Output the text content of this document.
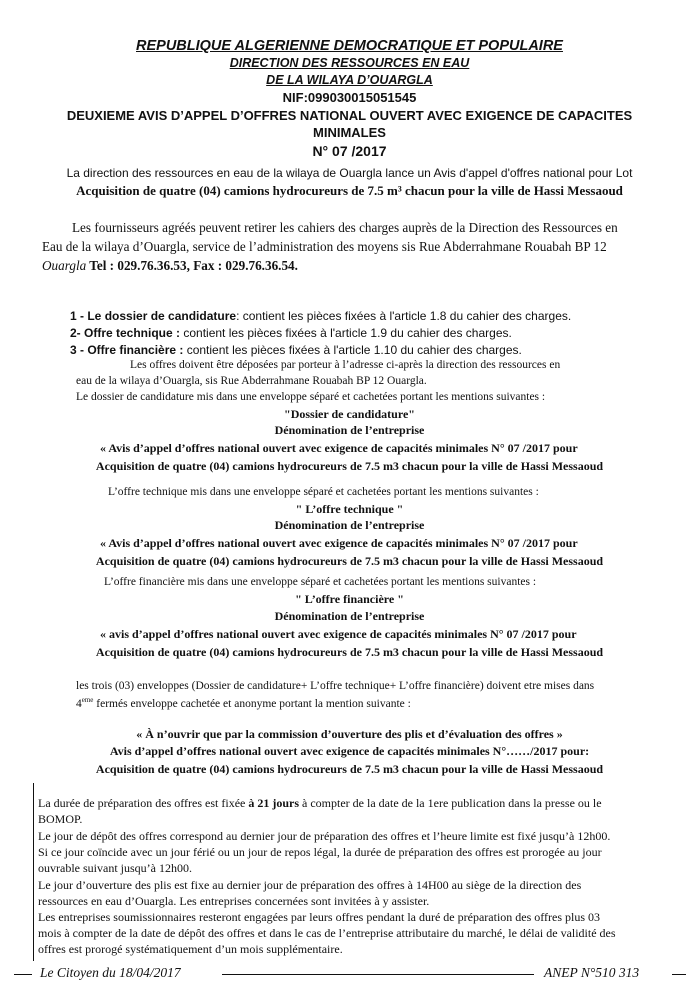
REPUBLIQUE ALGERIENNE DEMOCRATIQUE ET POPULAIRE
DIRECTION DES RESSOURCES EN EAU
DE LA WILAYA D’OUARGLA
NIF:099030015051545
DEUXIEME AVIS D’APPEL D’OFFRES NATIONAL OUVERT AVEC EXIGENCE DE CAPACITES
MINIMALES
N° 07 /2017
La direction des ressources en eau de la wilaya de Ouargla lance un Avis d'appel d'offres national pour Lot
Acquisition de quatre (04) camions hydrocureurs de 7.5 m³ chacun pour la ville de Hassi Messaoud
Les fournisseurs agréés peuvent retirer les cahiers des charges auprès de la Direction des Ressources en
Eau de la wilaya d’Ouargla, service de l’administration des moyens sis Rue Abderrahmane Rouabah BP 12
Ouargla Tel : 029.76.36.53, Fax : 029.76.36.54.
1 - Le dossier de candidature: contient les pièces fixées à l'article 1.8 du cahier des charges.
2- Offre technique : contient les pièces fixées à l'article 1.9 du cahier des charges.
3 - Offre financière : contient les pièces fixées à l'article 1.10 du cahier des charges.
Les offres doivent être déposées par porteur à l’adresse ci-après la direction des ressources en
eau de la wilaya d’Ouargla, sis Rue Abderrahmane Rouabah BP 12 Ouargla.
Le dossier de candidature mis dans une enveloppe séparé et cachetées portant les mentions suivantes :
"Dossier de candidature"
Dénomination de l’entreprise
« Avis d’appel d’offres national ouvert avec exigence de capacités minimales N° 07 /2017 pour
Acquisition de quatre (04) camions hydrocureurs de 7.5 m3 chacun pour la ville de Hassi Messaoud
L’offre technique mis dans une enveloppe séparé et cachetées portant les mentions suivantes :
" L’offre technique "
Dénomination de l’entreprise
« Avis d’appel d’offres national ouvert avec exigence de capacités minimales N° 07 /2017 pour
Acquisition de quatre (04) camions hydrocureurs de 7.5 m3 chacun pour la ville de Hassi Messaoud
L’offre financière mis dans une enveloppe séparé et cachetées portant les mentions suivantes :
" L’offre financière "
Dénomination de l’entreprise
« avis d’appel d’offres national ouvert avec exigence de capacités minimales N° 07 /2017 pour
Acquisition de quatre (04) camions hydrocureurs de 7.5 m3 chacun pour la ville de Hassi Messaoud
les trois (03) enveloppes (Dossier de candidature+ L’offre technique+ L’offre financière) doivent etre mises dans
4eme fermés enveloppe cachetée et anonyme portant la mention suivante :
« À n’ouvrir que par la commission d’ouverture des plis et d’évaluation des offres »
Avis d’appel d’offres national ouvert avec exigence de capacités minimales N°……/2017 pour:
Acquisition de quatre (04) camions hydrocureurs de 7.5 m3 chacun pour la ville de Hassi Messaoud
La durée de préparation des offres est fixée à 21 jours à compter de la date de la 1ere publication dans la presse ou le
BOMOP.
Le jour de dépôt des offres correspond au dernier jour de préparation des offres et l’heure limite est fixé jusqu’à 12h00.
Si ce jour coïncide avec un jour férié ou un jour de repos légal, la durée de préparation des offres est prorogée au jour
ouvrable suivant jusqu’à 12h00.
Le jour d’ouverture des plis est fixe au dernier jour de préparation des offres à 14H00 au siège de la direction des
ressources en eau d’Ouargla. Les entreprises concernées sont invitées à y assister.
Les entreprises soumissionnaires resteront engagées par leurs offres pendant la duré de préparation des offres plus 03
mois à compter de la date de dépôt des offres et dans le cas de l’entreprise attributaire du marché, le délai de validité des
offres est prorogé systématiquement d’un mois supplémentaire.
Le Citoyen du 18/04/2017	ANEP N°510 313
